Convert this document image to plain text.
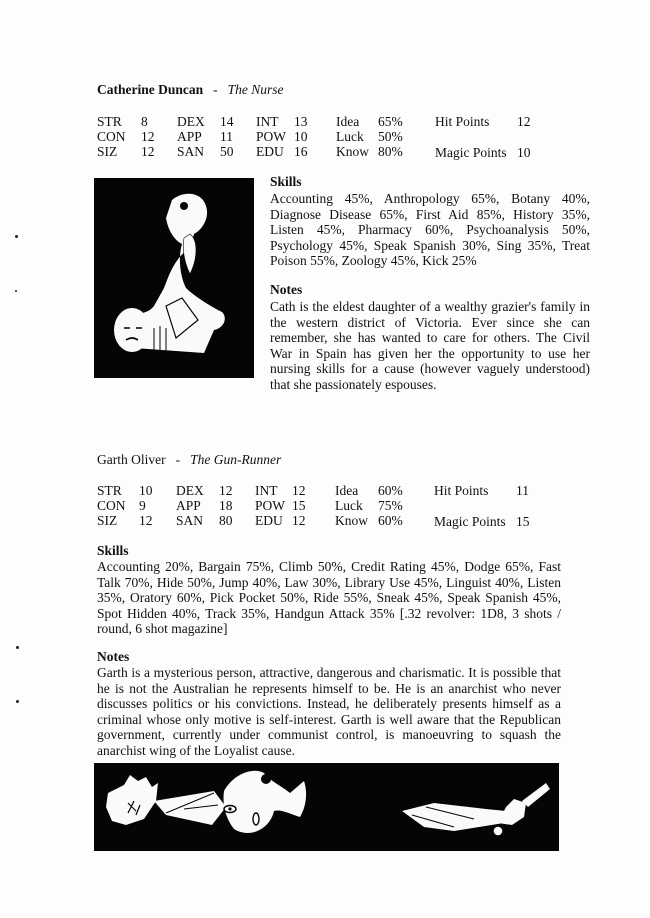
Catherine Duncan - The Nurse
STR 8
CON 12
SIZ 12
DEX 14
APP 11
SAN 50
INT 13
POW 10
EDU 16
Idea 65%
Luck 50%
Know 80%
Hit Points 12
Magic Points 10
Skills
Accounting 45%, Anthropology 65%, Botany 40%, Diagnose Disease 65%, First Aid 85%, History 35%, Listen 45%, Pharmacy 60%, Psychoanalysis 50%, Psychology 45%, Speak Spanish 30%, Sing 35%, Treat Poison 55%, Zoology 45%, Kick 25%
Notes
Cath is the eldest daughter of a wealthy grazier's family in the western district of Victoria. Ever since she can remember, she has wanted to care for others. The Civil War in Spain has given her the opportunity to use her nursing skills for a cause (however vaguely understood) that she passionately espouses.
Garth Oliver - The Gun-Runner
STR 10
CON 9
SIZ 12
DEX 12
APP 18
SAN 80
INT 12
POW 15
EDU 12
Idea 60%
Luck 75%
Know 60%
Hit Points 11
Magic Points 15
Skills
Accounting 20%, Bargain 75%, Climb 50%, Credit Rating 45%, Dodge 65%, Fast Talk 70%, Hide 50%, Jump 40%, Law 30%, Library Use 45%, Linguist 40%, Listen 35%, Oratory 60%, Pick Pocket 50%, Ride 55%, Sneak 45%, Speak Spanish 45%, Spot Hidden 40%, Track 35%, Handgun Attack 35% [.32 revolver: 1D8, 3 shots / round, 6 shot magazine]
Notes
Garth is a mysterious person, attractive, dangerous and charismatic. It is possible that he is not the Australian he represents himself to be. He is an anarchist who never discusses politics or his convictions. Instead, he deliberately presents himself as a criminal whose only motive is self-interest. Garth is well aware that the Republican government, currently under communist control, is manoeuvring to squash the anarchist wing of the Loyalist cause.
